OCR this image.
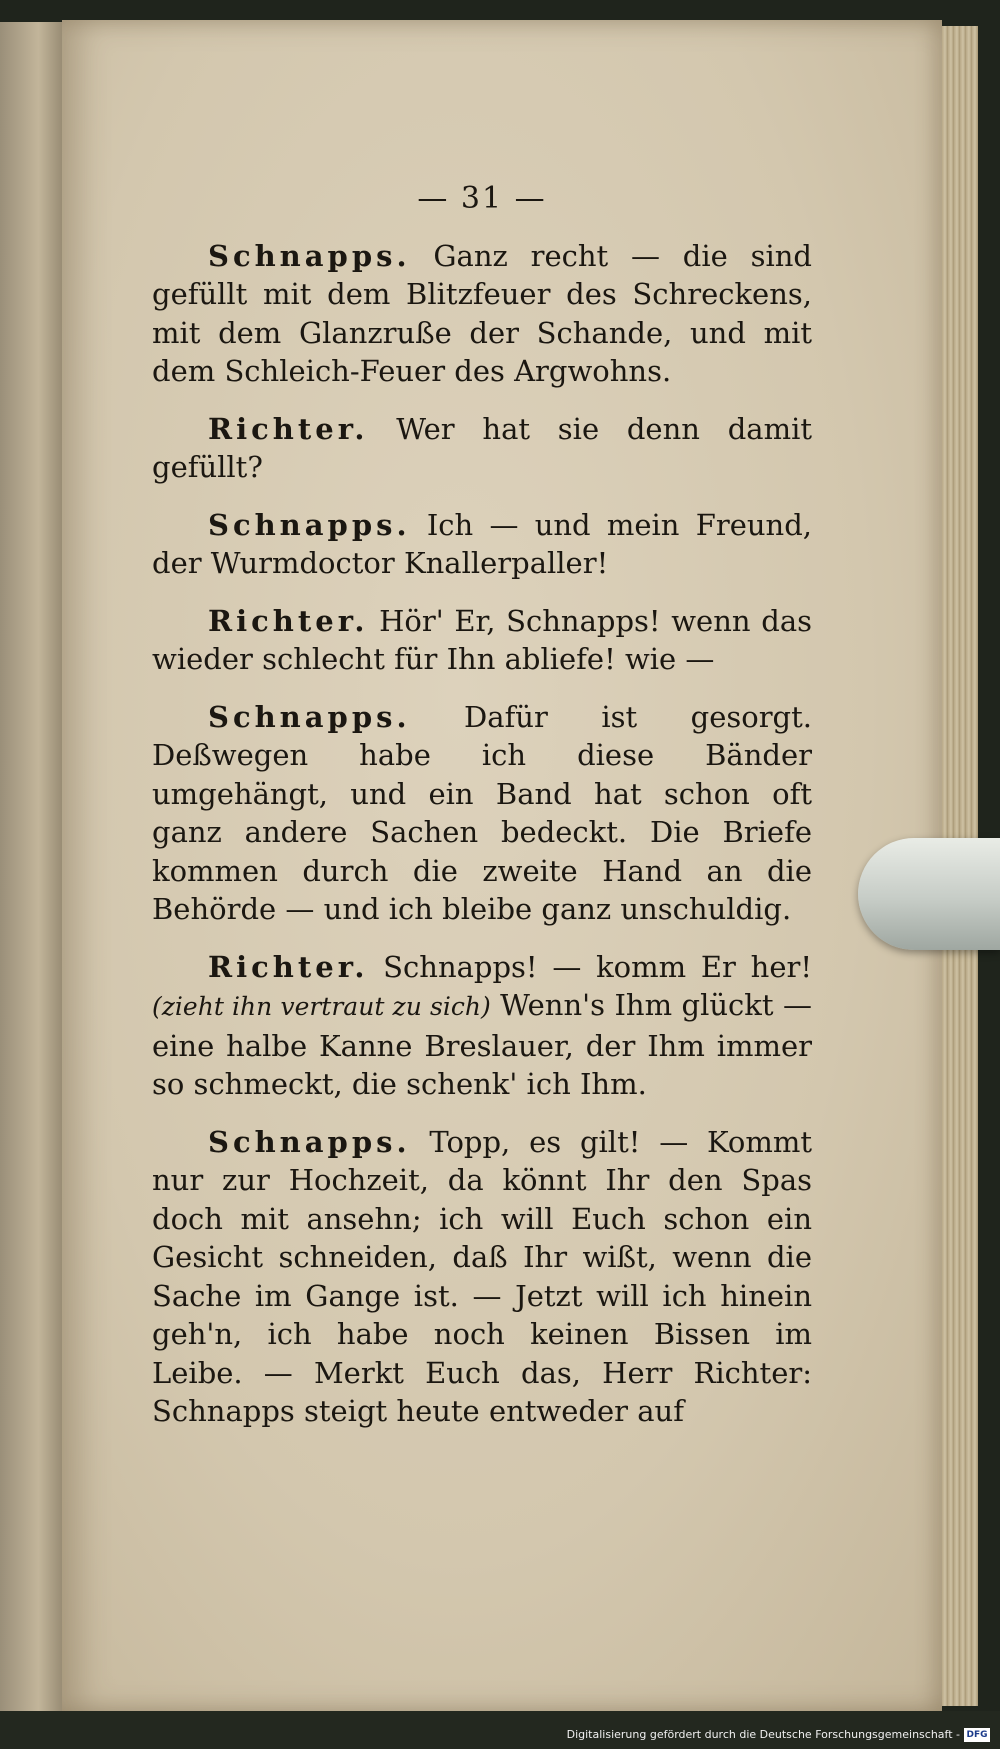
— 31 —

Schnapps. Ganz recht — die sind gefüllt mit dem Blitzfeuer des Schreckens, mit dem Glanzruße der Schande, und mit dem Schleich-Feuer des Argwohns.

Richter. Wer hat sie denn damit gefüllt?

Schnapps. Ich — und mein Freund, der Wurmdoctor Knallerpaller!

Richter. Hör' Er, Schnapps! wenn das wieder schlecht für Ihn abliefe! wie —

Schnapps. Dafür ist gesorgt. Deßwegen habe ich diese Bänder umgehängt, und ein Band hat schon oft ganz andere Sachen bedeckt. Die Briefe kommen durch die zweite Hand an die Behörde — und ich bleibe ganz unschuldig.

Richter. Schnapps! — komm Er her! (zieht ihn vertraut zu sich) Wenn's Ihm glückt — eine halbe Kanne Breslauer, der Ihm immer so schmeckt, die schenk' ich Ihm.

Schnapps. Topp, es gilt! — Kommt nur zur Hochzeit, da könnt Ihr den Spas doch mit ansehn; ich will Euch schon ein Gesicht schneiden, daß Ihr wißt, wenn die Sache im Gange ist. — Jetzt will ich hinein geh'n, ich habe noch keinen Bissen im Leibe. — Merkt Euch das, Herr Richter: Schnapps steigt heute entweder auf

Digitalisierung gefördert durch die Deutsche Forschungsgemeinschaft - DFG
